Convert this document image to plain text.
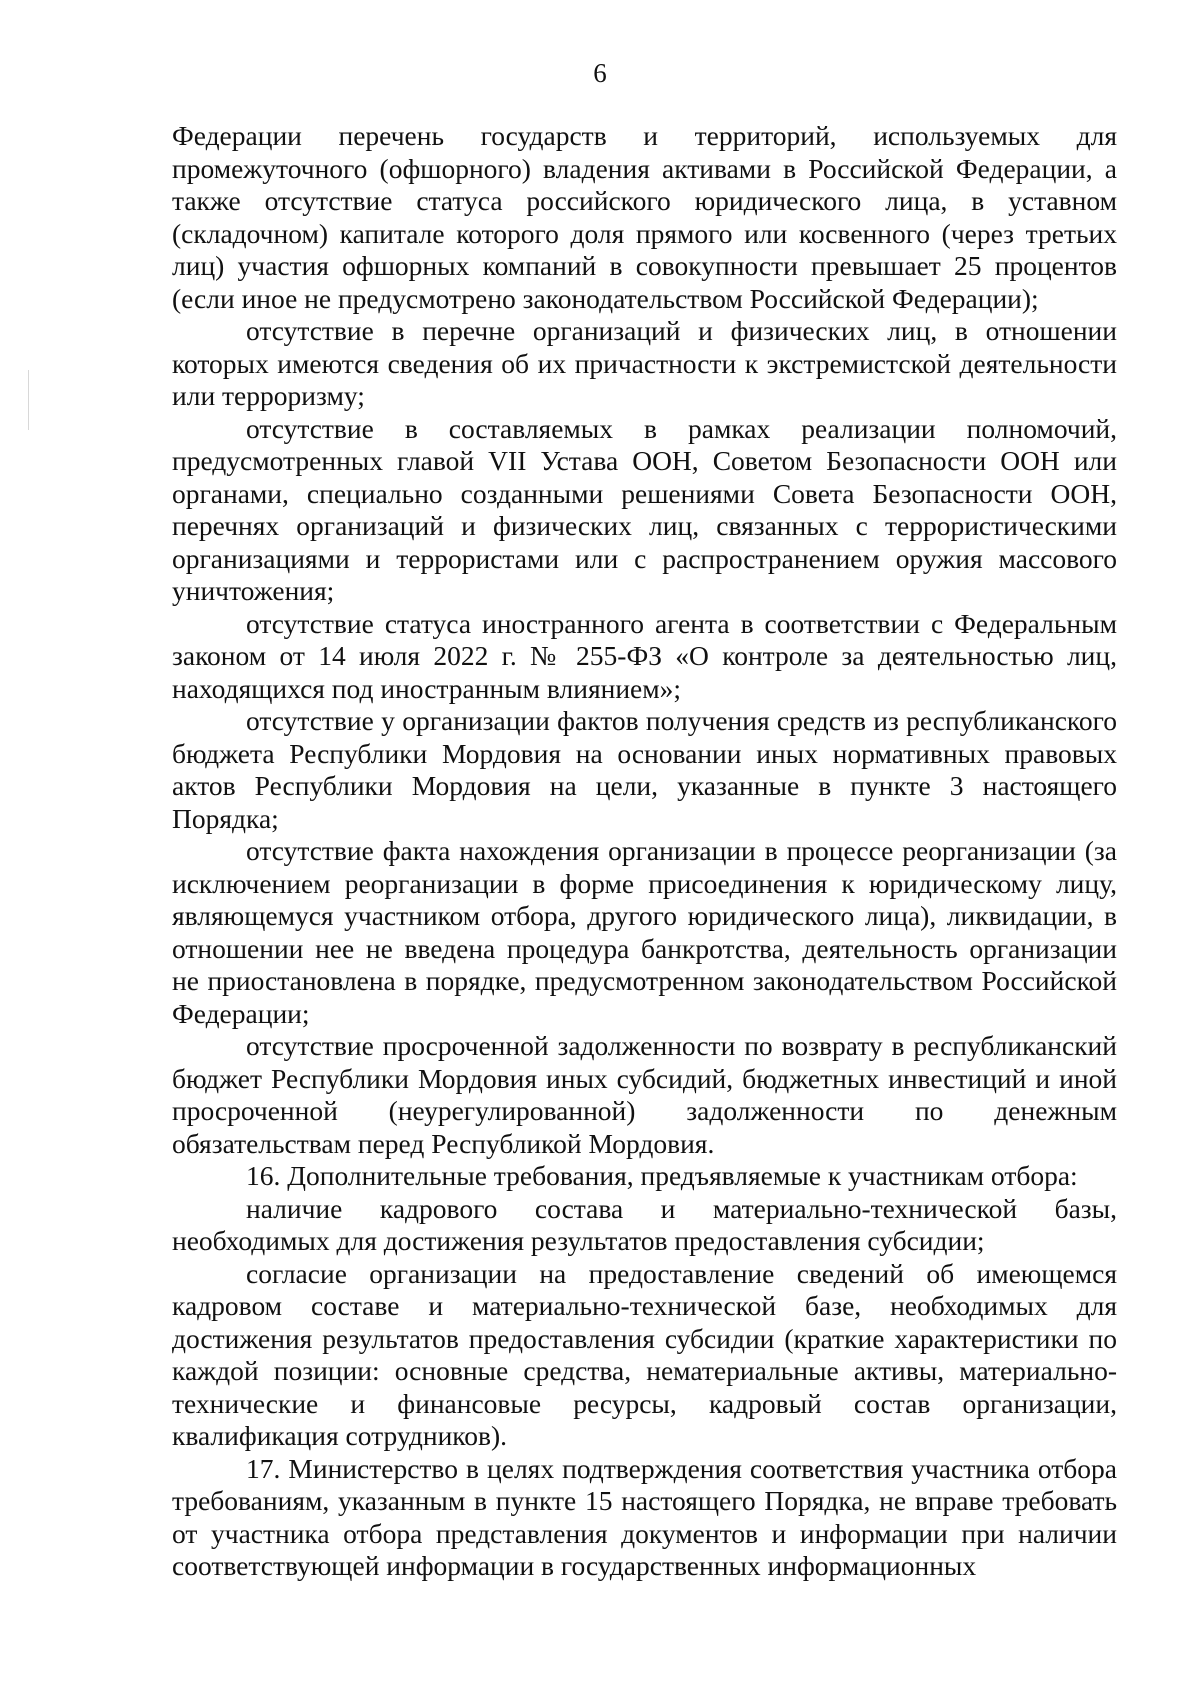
6

Федерации перечень государств и территорий, используемых для промежуточного (офшорного) владения активами в Российской Федерации, а также отсутствие статуса российского юридического лица, в уставном (складочном) капитале которого доля прямого или косвенного (через третьих лиц) участия офшорных компаний в совокупности превышает 25 процентов (если иное не предусмотрено законодательством Российской Федерации);

отсутствие в перечне организаций и физических лиц, в отношении которых имеются сведения об их причастности к экстремистской деятельности или терроризму;

отсутствие в составляемых в рамках реализации полномочий, предусмотренных главой VII Устава ООН, Советом Безопасности ООН или органами, специально созданными решениями Совета Безопасности ООН, перечнях организаций и физических лиц, связанных с террористическими организациями и террористами или с распространением оружия массового уничтожения;

отсутствие статуса иностранного агента в соответствии с Федеральным законом от 14 июля 2022 г. № 255-ФЗ «О контроле за деятельностью лиц, находящихся под иностранным влиянием»;

отсутствие у организации фактов получения средств из республиканского бюджета Республики Мордовия на основании иных нормативных правовых актов Республики Мордовия на цели, указанные в пункте 3 настоящего Порядка;

отсутствие факта нахождения организации в процессе реорганизации (за исключением реорганизации в форме присоединения к юридическому лицу, являющемуся участником отбора, другого юридического лица), ликвидации, в отношении нее не введена процедура банкротства, деятельность организации не приостановлена в порядке, предусмотренном законодательством Российской Федерации;

отсутствие просроченной задолженности по возврату в республиканский бюджет Республики Мордовия иных субсидий, бюджетных инвестиций и иной просроченной (неурегулированной) задолженности по денежным обязательствам перед Республикой Мордовия.

16. Дополнительные требования, предъявляемые к участникам отбора:

наличие кадрового состава и материально-технической базы, необходимых для достижения результатов предоставления субсидии;

согласие организации на предоставление сведений об имеющемся кадровом составе и материально-технической базе, необходимых для достижения результатов предоставления субсидии (краткие характеристики по каждой позиции: основные средства, нематериальные активы, материально-технические и финансовые ресурсы, кадровый состав организации, квалификация сотрудников).

17. Министерство в целях подтверждения соответствия участника отбора требованиям, указанным в пункте 15 настоящего Порядка, не вправе требовать от участника отбора представления документов и информации при наличии соответствующей информации в государственных информационных
